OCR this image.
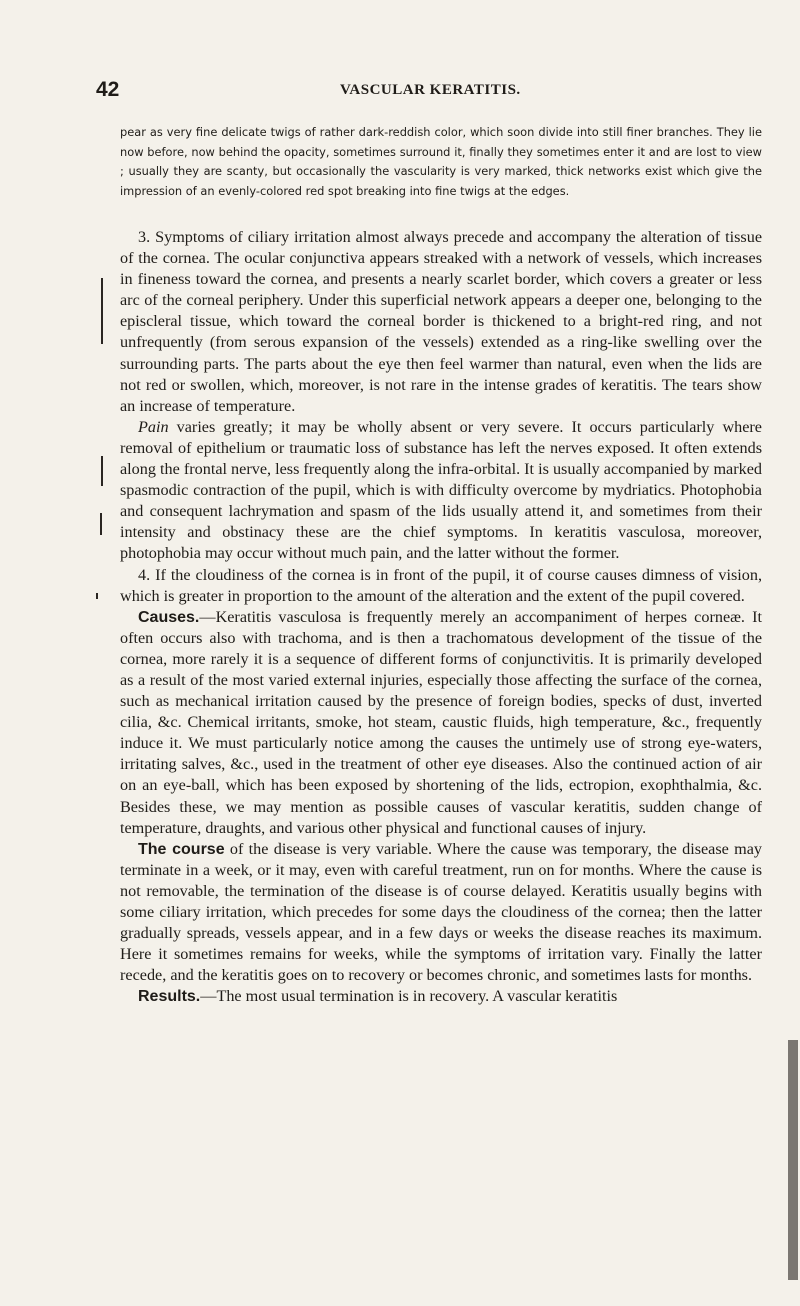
42	VASCULAR KERATITIS.

pear as very fine delicate twigs of rather dark-reddish color, which soon divide into still finer branches. They lie now before, now behind the opacity, sometimes surround it, finally they sometimes enter it and are lost to view ; usually they are scanty, but occasionally the vascularity is very marked, thick networks exist which give the impression of an evenly-colored red spot breaking into fine twigs at the edges.

3. Symptoms of ciliary irritation almost always precede and accompany the alteration of tissue of the cornea. The ocular conjunctiva appears streaked with a network of vessels, which increases in fineness toward the cornea, and presents a nearly scarlet border, which covers a greater or less arc of the corneal periphery. Under this superficial network appears a deeper one, belonging to the episcleral tissue, which toward the corneal border is thickened to a bright-red ring, and not unfrequently (from serous expansion of the vessels) extended as a ring-like swelling over the surrounding parts. The parts about the eye then feel warmer than natural, even when the lids are not red or swollen, which, moreover, is not rare in the intense grades of keratitis. The tears show an increase of temperature.

Pain varies greatly; it may be wholly absent or very severe. It occurs particularly where removal of epithelium or traumatic loss of substance has left the nerves exposed. It often extends along the frontal nerve, less frequently along the infra-orbital. It is usually accompanied by marked spasmodic contraction of the pupil, which is with difficulty overcome by mydriatics. Photophobia and consequent lachrymation and spasm of the lids usually attend it, and sometimes from their intensity and obstinacy these are the chief symptoms. In keratitis vasculosa, moreover, photophobia may occur without much pain, and the latter without the former.

4. If the cloudiness of the cornea is in front of the pupil, it of course causes dimness of vision, which is greater in proportion to the amount of the alteration and the extent of the pupil covered.

Causes.—Keratitis vasculosa is frequently merely an accompaniment of herpes corneæ. It often occurs also with trachoma, and is then a trachomatous development of the tissue of the cornea, more rarely it is a sequence of different forms of conjunctivitis. It is primarily developed as a result of the most varied external injuries, especially those affecting the surface of the cornea, such as mechanical irritation caused by the presence of foreign bodies, specks of dust, inverted cilia, &c. Chemical irritants, smoke, hot steam, caustic fluids, high temperature, &c., frequently induce it. We must particularly notice among the causes the untimely use of strong eye-waters, irritating salves, &c., used in the treatment of other eye diseases. Also the continued action of air on an eye-ball, which has been exposed by shortening of the lids, ectropion, exophthalmia, &c. Besides these, we may mention as possible causes of vascular keratitis, sudden change of temperature, draughts, and various other physical and functional causes of injury.

The course of the disease is very variable. Where the cause was temporary, the disease may terminate in a week, or it may, even with careful treatment, run on for months. Where the cause is not removable, the termination of the disease is of course delayed. Keratitis usually begins with some ciliary irritation, which precedes for some days the cloudiness of the cornea; then the latter gradually spreads, vessels appear, and in a few days or weeks the disease reaches its maximum. Here it sometimes remains for weeks, while the symptoms of irritation vary. Finally the latter recede, and the keratitis goes on to recovery or becomes chronic, and sometimes lasts for months.

Results.—The most usual termination is in recovery. A vascular keratitis
